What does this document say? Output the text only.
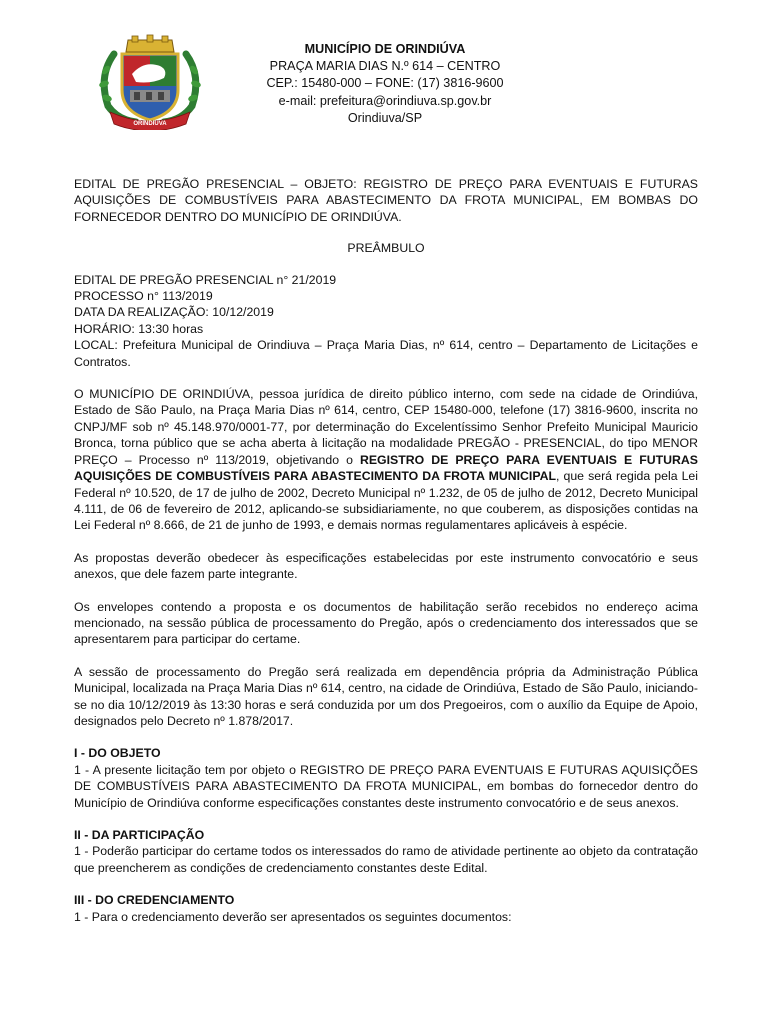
ORINDIÚVA
MUNICÍPIO DE ORINDIÚVA
PRAÇA MARIA DIAS N.º 614 – CENTRO
CEP.: 15480-000 – FONE: (17) 3816-9600
e-mail: prefeitura@orindiuva.sp.gov.br
Orindiuva/SP

EDITAL DE PREGÃO PRESENCIAL – OBJETO: REGISTRO DE PREÇO PARA EVENTUAIS E FUTURAS AQUISIÇÕES DE COMBUSTÍVEIS PARA ABASTECIMENTO DA FROTA MUNICIPAL, EM BOMBAS DO FORNECEDOR DENTRO DO MUNICÍPIO DE ORINDIÚVA.

PREÂMBULO

EDITAL DE PREGÃO PRESENCIAL n° 21/2019

PROCESSO n° 113/2019

DATA DA REALIZAÇÃO: 10/12/2019

HORÁRIO: 13:30 horas

LOCAL: Prefeitura Municipal de Orindiuva – Praça Maria Dias, nº 614, centro – Departamento de Licitações e Contratos.

O MUNICÍPIO DE ORINDIÚVA, pessoa jurídica de direito público interno, com sede na cidade de Orindiúva, Estado de São Paulo, na Praça Maria Dias nº 614, centro, CEP 15480-000, telefone (17) 3816-9600, inscrita no CNPJ/MF sob nº 45.148.970/0001-77, por determinação do Excelentíssimo Senhor Prefeito Municipal Mauricio Bronca, torna público que se acha aberta à licitação na modalidade PREGÃO - PRESENCIAL, do tipo MENOR PREÇO – Processo nº 113/2019, objetivando o REGISTRO DE PREÇO PARA EVENTUAIS E FUTURAS AQUISIÇÕES DE COMBUSTÍVEIS PARA ABASTECIMENTO DA FROTA MUNICIPAL, que será regida pela Lei Federal nº 10.520, de 17 de julho de 2002, Decreto Municipal nº 1.232, de 05 de julho de 2012, Decreto Municipal 4.111, de 06 de fevereiro de 2012, aplicando-se subsidiariamente, no que couberem, as disposições contidas na Lei Federal nº 8.666, de 21 de junho de 1993, e demais normas regulamentares aplicáveis à espécie.

As propostas deverão obedecer às especificações estabelecidas por este instrumento convocatório e seus anexos, que dele fazem parte integrante.

Os envelopes contendo a proposta e os documentos de habilitação serão recebidos no endereço acima mencionado, na sessão pública de processamento do Pregão, após o credenciamento dos interessados que se apresentarem para participar do certame.

A sessão de processamento do Pregão será realizada em dependência própria da Administração Pública Municipal, localizada na Praça Maria Dias nº 614, centro, na cidade de Orindiúva, Estado de São Paulo, iniciando-se no dia 10/12/2019 às 13:30 horas e será conduzida por um dos Pregoeiros, com o auxílio da Equipe de Apoio, designados pelo Decreto nº 1.878/2017.

I - DO OBJETO

1 - A presente licitação tem por objeto o REGISTRO DE PREÇO PARA EVENTUAIS E FUTURAS AQUISIÇÕES DE COMBUSTÍVEIS PARA ABASTECIMENTO DA FROTA MUNICIPAL, em bombas do fornecedor dentro do Município de Orindiúva conforme especificações constantes deste instrumento convocatório e de seus anexos.

II - DA PARTICIPAÇÃO

1 - Poderão participar do certame todos os interessados do ramo de atividade pertinente ao objeto da contratação que preencherem as condições de credenciamento constantes deste Edital.

III - DO CREDENCIAMENTO

1 - Para o credenciamento deverão ser apresentados os seguintes documentos:
